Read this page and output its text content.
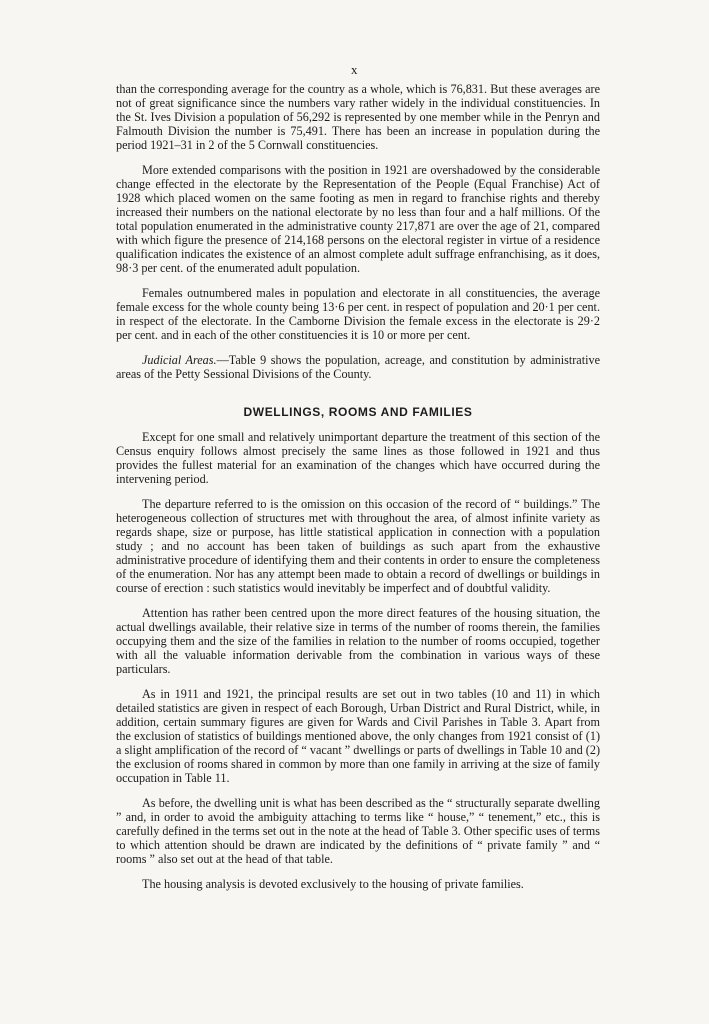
x

than the corresponding average for the country as a whole, which is 76,831. But these averages are not of great significance since the numbers vary rather widely in the individual constituencies. In the St. Ives Division a population of 56,292 is represented by one member while in the Penryn and Falmouth Division the number is 75,491. There has been an increase in population during the period 1921–31 in 2 of the 5 Cornwall constituencies.

More extended comparisons with the position in 1921 are overshadowed by the considerable change effected in the electorate by the Representation of the People (Equal Franchise) Act of 1928 which placed women on the same footing as men in regard to franchise rights and thereby increased their numbers on the national electorate by no less than four and a half millions. Of the total population enumerated in the administrative county 217,871 are over the age of 21, compared with which figure the presence of 214,168 persons on the electoral register in virtue of a residence qualification indicates the existence of an almost complete adult suffrage enfranchising, as it does, 98·3 per cent. of the enumerated adult population.

Females outnumbered males in population and electorate in all constituencies, the average female excess for the whole county being 13·6 per cent. in respect of population and 20·1 per cent. in respect of the electorate. In the Camborne Division the female excess in the electorate is 29·2 per cent. and in each of the other constituencies it is 10 or more per cent.

Judicial Areas.—Table 9 shows the population, acreage, and constitution by administrative areas of the Petty Sessional Divisions of the County.

DWELLINGS, ROOMS AND FAMILIES

Except for one small and relatively unimportant departure the treatment of this section of the Census enquiry follows almost precisely the same lines as those followed in 1921 and thus provides the fullest material for an examination of the changes which have occurred during the intervening period.

The departure referred to is the omission on this occasion of the record of “ buildings.” The heterogeneous collection of structures met with throughout the area, of almost infinite variety as regards shape, size or purpose, has little statistical application in connection with a population study ; and no account has been taken of buildings as such apart from the exhaustive administrative procedure of identifying them and their contents in order to ensure the completeness of the enumeration. Nor has any attempt been made to obtain a record of dwellings or buildings in course of erection : such statistics would inevitably be imperfect and of doubtful validity.

Attention has rather been centred upon the more direct features of the housing situation, the actual dwellings available, their relative size in terms of the number of rooms therein, the families occupying them and the size of the families in relation to the number of rooms occupied, together with all the valuable information derivable from the combination in various ways of these particulars.

As in 1911 and 1921, the principal results are set out in two tables (10 and 11) in which detailed statistics are given in respect of each Borough, Urban District and Rural District, while, in addition, certain summary figures are given for Wards and Civil Parishes in Table 3. Apart from the exclusion of statistics of buildings mentioned above, the only changes from 1921 consist of (1) a slight amplification of the record of “ vacant ” dwellings or parts of dwellings in Table 10 and (2) the exclusion of rooms shared in common by more than one family in arriving at the size of family occupation in Table 11.

As before, the dwelling unit is what has been described as the “ structurally separate dwelling ” and, in order to avoid the ambiguity attaching to terms like “ house,” “ tenement,” etc., this is carefully defined in the terms set out in the note at the head of Table 3. Other specific uses of terms to which attention should be drawn are indicated by the definitions of “ private family ” and “ rooms ” also set out at the head of that table.

The housing analysis is devoted exclusively to the housing of private families.
